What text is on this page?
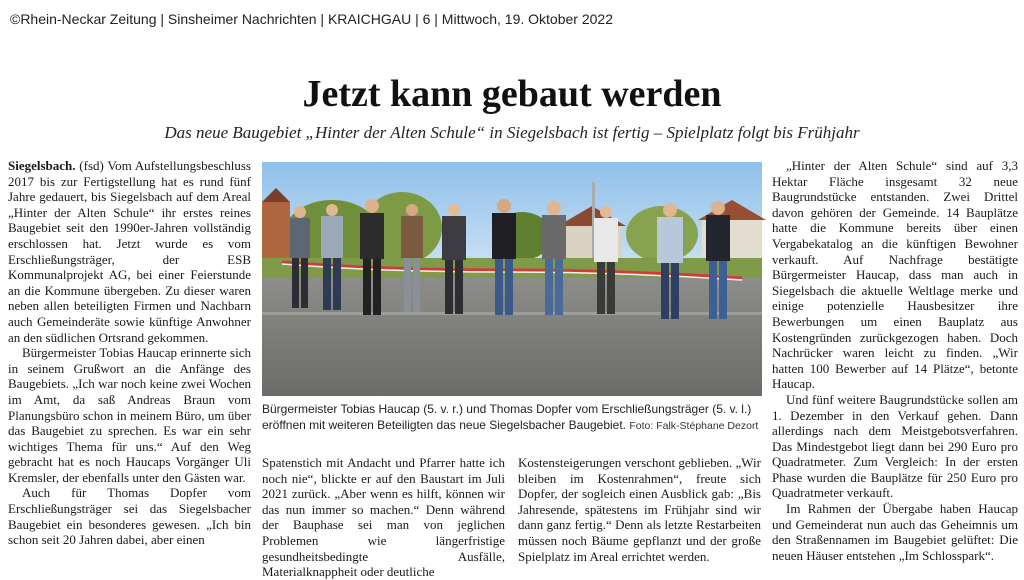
©Rhein-Neckar Zeitung | Sinsheimer Nachrichten | KRAICHGAU | 6 | Mittwoch, 19. Oktober 2022
Jetzt kann gebaut werden
Das neue Baugebiet „Hinter der Alten Schule“ in Siegelsbach ist fertig – Spielplatz folgt bis Frühjahr

Siegelsbach. (fsd) Vom Aufstellungsbeschluss 2017 bis zur Fertigstellung hat es rund fünf Jahre gedauert, bis Siegelsbach auf dem Areal „Hinter der Alten Schule“ ihr erstes reines Baugebiet seit den 1990er-Jahren vollständig erschlossen hat. Jetzt wurde es vom Erschließungsträger, der ESB Kommunalprojekt AG, bei einer Feierstunde an die Kommune übergeben. Zu dieser waren neben allen beteiligten Firmen und Nachbarn auch Gemeinderäte sowie künftige Anwohner an den südlichen Ortsrand gekommen.

Bürgermeister Tobias Haucap erinnerte sich in seinem Grußwort an die Anfänge des Baugebiets. „Ich war noch keine zwei Wochen im Amt, da saß Andreas Braun vom Planungsbüro schon in meinem Büro, um über das Baugebiet zu sprechen. Es war ein sehr wichtiges Thema für uns.“ Auf den Weg gebracht hat es noch Haucaps Vorgänger Uli Kremsler, der ebenfalls unter den Gästen war.

Auch für Thomas Dopfer vom Erschließungsträger sei das Siegelsbacher Baugebiet ein besonderes gewesen. „Ich bin schon seit 20 Jahren dabei, aber einen

Bürgermeister Tobias Haucap (5. v. r.) und Thomas Dopfer vom Erschließungsträger (5. v. l.) eröffnen mit weiteren Beteiligten das neue Siegelsbacher Baugebiet. Foto: Falk-Stéphane Dezort

Spatenstich mit Andacht und Pfarrer hatte ich noch nie“, blickte er auf den Baustart im Juli 2021 zurück. „Aber wenn es hilft, können wir das nun immer so machen.“ Denn während der Bauphase sei man von jeglichen Problemen wie längerfristige gesundheitsbedingte Ausfälle, Materialknappheit oder deutliche

Kostensteigerungen verschont geblieben. „Wir bleiben im Kostenrahmen“, freute sich Dopfer, der sogleich einen Ausblick gab: „Bis Jahresende, spätestens im Frühjahr sind wir dann ganz fertig.“ Denn als letzte Restarbeiten müssen noch Bäume gepflanzt und der große Spielplatz im Areal errichtet werden.

„Hinter der Alten Schule“ sind auf 3,3 Hektar Fläche insgesamt 32 neue Baugrundstücke entstanden. Zwei Drittel davon gehören der Gemeinde. 14 Bauplätze hatte die Kommune bereits über einen Vergabekatalog an die künftigen Bewohner verkauft. Auf Nachfrage bestätigte Bürgermeister Haucap, dass man auch in Siegelsbach die aktuelle Weltlage merke und einige potenzielle Hausbesitzer ihre Bewerbungen um einen Bauplatz aus Kostengründen zurückgezogen haben. Doch Nachrücker waren leicht zu finden. „Wir hatten 100 Bewerber auf 14 Plätze“, betonte Haucap.

Und fünf weitere Baugrundstücke sollen am 1. Dezember in den Verkauf gehen. Dann allerdings nach dem Meistgebotsverfahren. Das Mindestgebot liegt dann bei 290 Euro pro Quadratmeter. Zum Vergleich: In der ersten Phase wurden die Bauplätze für 250 Euro pro Quadratmeter verkauft.

Im Rahmen der Übergabe haben Haucap und Gemeinderat nun auch das Geheimnis um den Straßennamen im Baugebiet gelüftet: Die neuen Häuser entstehen „Im Schlosspark“.
